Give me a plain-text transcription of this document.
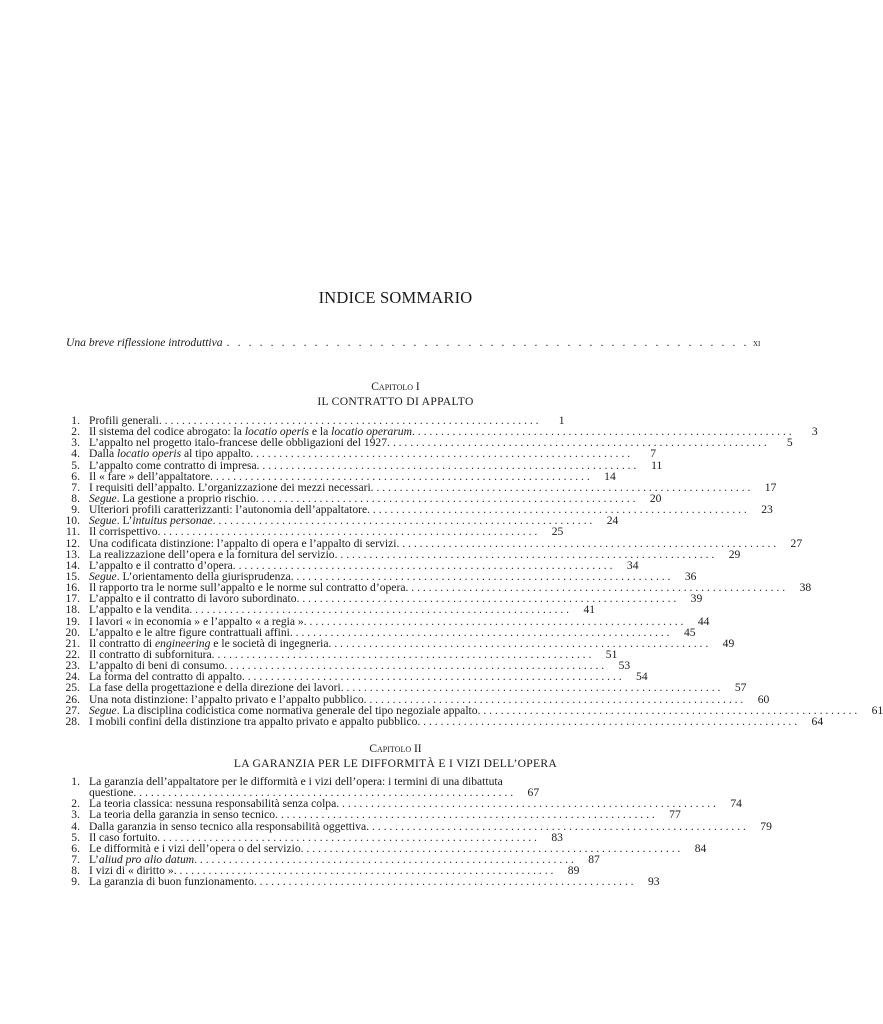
INDICE SOMMARIO
Una breve riflessione introduttiva . . . . . . . . . . . . . . . . . . . . . . . . . . . . . . . . . . . . . . . . . . . . . . . . xi
Capitolo I
IL CONTRATTO DI APPALTO
1. Profili generali. . . . . . . . . . . . . . . . . . . . . . . . . . . . . . . . . . . . . . . . . . . . . . . . . . . . . . . . . . . . . . . . . .	1
2. Il sistema del codice abrogato: la locatio operis e la locatio operarum. . . . . . . . . . . . . . . . . . . . . . . . . . . . . . . . . . . . . . . . . . . . . . . . . . . . . . . . . . . . . . . . . .	3
3. L’appalto nel progetto italo-francese delle obbligazioni del 1927. . . . . . . . . . . . . . . . . . . . . . . . . . . . . . . . . . . . . . . . . . . . . . . . . . . . . . . . . . . . . . . . . .	5
4. Dalla locatio operis al tipo appalto. . . . . . . . . . . . . . . . . . . . . . . . . . . . . . . . . . . . . . . . . . . . . . . . . . . . . . . . . . . . . . . . . .	7
5. L’appalto come contratto di impresa. . . . . . . . . . . . . . . . . . . . . . . . . . . . . . . . . . . . . . . . . . . . . . . . . . . . . . . . . . . . . . . . . .	11
6. Il « fare » dell’appaltatore. . . . . . . . . . . . . . . . . . . . . . . . . . . . . . . . . . . . . . . . . . . . . . . . . . . . . . . . . . . . . . . . . .	14
7. I requisiti dell’appalto. L’organizzazione dei mezzi necessari. . . . . . . . . . . . . . . . . . . . . . . . . . . . . . . . . . . . . . . . . . . . . . . . . . . . . . . . . . . . . . . . . .	17
8. Segue. La gestione a proprio rischio. . . . . . . . . . . . . . . . . . . . . . . . . . . . . . . . . . . . . . . . . . . . . . . . . . . . . . . . . . . . . . . . . .	20
9. Ulteriori profili caratterizzanti: l’autonomia dell’appaltatore. . . . . . . . . . . . . . . . . . . . . . . . . . . . . . . . . . . . . . . . . . . . . . . . . . . . . . . . . . . . . . . . . .	23
10. Segue. L’intuitus personae. . . . . . . . . . . . . . . . . . . . . . . . . . . . . . . . . . . . . . . . . . . . . . . . . . . . . . . . . . . . . . . . . .	24
11. Il corrispettivo. . . . . . . . . . . . . . . . . . . . . . . . . . . . . . . . . . . . . . . . . . . . . . . . . . . . . . . . . . . . . . . . . .	25
12. Una codificata distinzione: l’appalto di opera e l’appalto di servizi. . . . . . . . . . . . . . . . . . . . . . . . . . . . . . . . . . . . . . . . . . . . . . . . . . . . . . . . . . . . . . . . . .	27
13. La realizzazione dell’opera e la fornitura del servizio. . . . . . . . . . . . . . . . . . . . . . . . . . . . . . . . . . . . . . . . . . . . . . . . . . . . . . . . . . . . . . . . . .	29
14. L’appalto e il contratto d’opera. . . . . . . . . . . . . . . . . . . . . . . . . . . . . . . . . . . . . . . . . . . . . . . . . . . . . . . . . . . . . . . . . .	34
15. Segue. L’orientamento della giurisprudenza. . . . . . . . . . . . . . . . . . . . . . . . . . . . . . . . . . . . . . . . . . . . . . . . . . . . . . . . . . . . . . . . . .	36
16. Il rapporto tra le norme sull’appalto e le norme sul contratto d’opera. . . . . . . . . . . . . . . . . . . . . . . . . . . . . . . . . . . . . . . . . . . . . . . . . . . . . . . . . . . . . . . . . .	38
17. L’appalto e il contratto di lavoro subordinato. . . . . . . . . . . . . . . . . . . . . . . . . . . . . . . . . . . . . . . . . . . . . . . . . . . . . . . . . . . . . . . . . .	39
18. L’appalto e la vendita. . . . . . . . . . . . . . . . . . . . . . . . . . . . . . . . . . . . . . . . . . . . . . . . . . . . . . . . . . . . . . . . . .	41
19. I lavori « in economia » e l’appalto « a regia ». . . . . . . . . . . . . . . . . . . . . . . . . . . . . . . . . . . . . . . . . . . . . . . . . . . . . . . . . . . . . . . . . .	44
20. L’appalto e le altre figure contrattuali affini. . . . . . . . . . . . . . . . . . . . . . . . . . . . . . . . . . . . . . . . . . . . . . . . . . . . . . . . . . . . . . . . . .	45
21. Il contratto di engineering e le società di ingegneria. . . . . . . . . . . . . . . . . . . . . . . . . . . . . . . . . . . . . . . . . . . . . . . . . . . . . . . . . . . . . . . . . .	49
22. Il contratto di subfornitura. . . . . . . . . . . . . . . . . . . . . . . . . . . . . . . . . . . . . . . . . . . . . . . . . . . . . . . . . . . . . . . . . .	51
23. L’appalto di beni di consumo. . . . . . . . . . . . . . . . . . . . . . . . . . . . . . . . . . . . . . . . . . . . . . . . . . . . . . . . . . . . . . . . . .	53
24. La forma del contratto di appalto. . . . . . . . . . . . . . . . . . . . . . . . . . . . . . . . . . . . . . . . . . . . . . . . . . . . . . . . . . . . . . . . . .	54
25. La fase della progettazione e della direzione dei lavori. . . . . . . . . . . . . . . . . . . . . . . . . . . . . . . . . . . . . . . . . . . . . . . . . . . . . . . . . . . . . . . . . .	57
26. Una nota distinzione: l’appalto privato e l’appalto pubblico. . . . . . . . . . . . . . . . . . . . . . . . . . . . . . . . . . . . . . . . . . . . . . . . . . . . . . . . . . . . . . . . . .	60
27. Segue. La disciplina codicistica come normativa generale del tipo negoziale appalto. . . . . . . . . . . . . . . . . . . . . . . . . . . . . . . . . . . . . . . . . . . . . . . . . . . . . . . . . . . . . . . . . .	61
28. I mobili confini della distinzione tra appalto privato e appalto pubblico. . . . . . . . . . . . . . . . . . . . . . . . . . . . . . . . . . . . . . . . . . . . . . . . . . . . . . . . . . . . . . . . . .	64
Capitolo II
LA GARANZIA PER LE DIFFORMITÀ E I VIZI DELL’OPERA
1. La garanzia dell’appaltatore per le difformità e i vizi dell’opera: i termini di una dibattuta
questione. . . . . . . . . . . . . . . . . . . . . . . . . . . . . . . . . . . . . . . . . . . . . . . . . . . . . . . . . . . . . . . . . .	67
2. La teoria classica: nessuna responsabilità senza colpa. . . . . . . . . . . . . . . . . . . . . . . . . . . . . . . . . . . . . . . . . . . . . . . . . . . . . . . . . . . . . . . . . .	74
3. La teoria della garanzia in senso tecnico. . . . . . . . . . . . . . . . . . . . . . . . . . . . . . . . . . . . . . . . . . . . . . . . . . . . . . . . . . . . . . . . . .	77
4. Dalla garanzia in senso tecnico alla responsabilità oggettiva. . . . . . . . . . . . . . . . . . . . . . . . . . . . . . . . . . . . . . . . . . . . . . . . . . . . . . . . . . . . . . . . . .	79
5. Il caso fortuito. . . . . . . . . . . . . . . . . . . . . . . . . . . . . . . . . . . . . . . . . . . . . . . . . . . . . . . . . . . . . . . . . .	83
6. Le difformità e i vizi dell’opera o del servizio. . . . . . . . . . . . . . . . . . . . . . . . . . . . . . . . . . . . . . . . . . . . . . . . . . . . . . . . . . . . . . . . . .	84
7. L’aliud pro alio datum. . . . . . . . . . . . . . . . . . . . . . . . . . . . . . . . . . . . . . . . . . . . . . . . . . . . . . . . . . . . . . . . . .	87
8. I vizi di « diritto ». . . . . . . . . . . . . . . . . . . . . . . . . . . . . . . . . . . . . . . . . . . . . . . . . . . . . . . . . . . . . . . . . .	89
9. La garanzia di buon funzionamento. . . . . . . . . . . . . . . . . . . . . . . . . . . . . . . . . . . . . . . . . . . . . . . . . . . . . . . . . . . . . . . . . .	93
